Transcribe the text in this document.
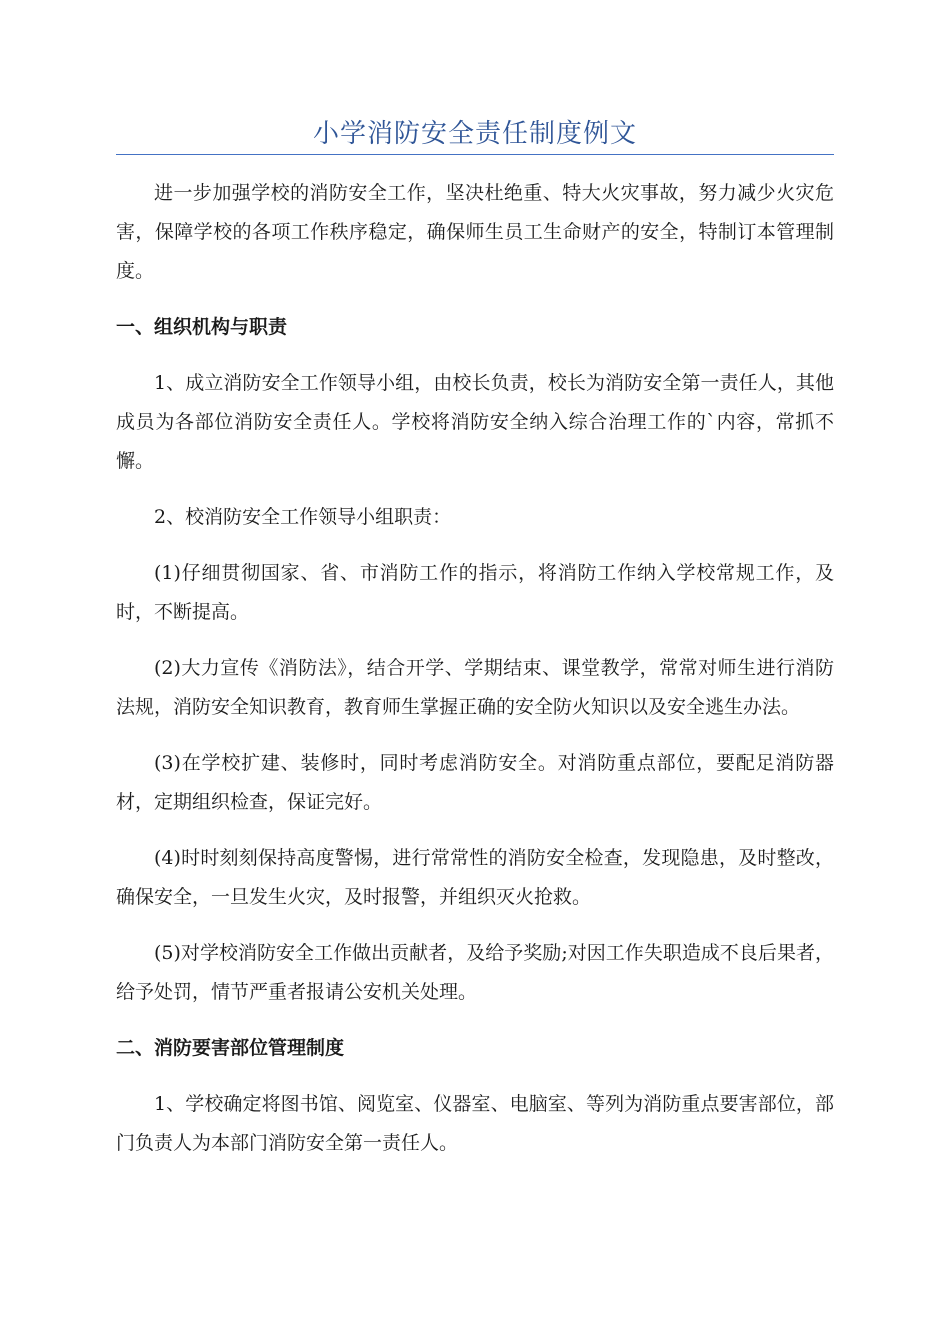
小学消防安全责任制度例文

进一步加强学校的消防安全工作，坚决杜绝重、特大火灾事故，努力减少火灾危害，保障学校的各项工作秩序稳定，确保师生员工生命财产的安全，特制订本管理制度。

一、组织机构与职责

1、成立消防安全工作领导小组，由校长负责，校长为消防安全第一责任人，其他成员为各部位消防安全责任人。学校将消防安全纳入综合治理工作的`内容，常抓不懈。

2、校消防安全工作领导小组职责：

(1)仔细贯彻国家、省、市消防工作的指示，将消防工作纳入学校常规工作，及时，不断提高。

(2)大力宣传《消防法》，结合开学、学期结束、课堂教学，常常对师生进行消防法规，消防安全知识教育，教育师生掌握正确的安全防火知识以及安全逃生办法。

(3)在学校扩建、装修时，同时考虑消防安全。对消防重点部位，要配足消防器材，定期组织检查，保证完好。

(4)时时刻刻保持高度警惕，进行常常性的消防安全检查，发现隐患，及时整改，确保安全，一旦发生火灾，及时报警，并组织灭火抢救。

(5)对学校消防安全工作做出贡献者，及给予奖励;对因工作失职造成不良后果者，给予处罚，情节严重者报请公安机关处理。

二、消防要害部位管理制度

1、学校确定将图书馆、阅览室、仪器室、电脑室、等列为消防重点要害部位，部门负责人为本部门消防安全第一责任人。
